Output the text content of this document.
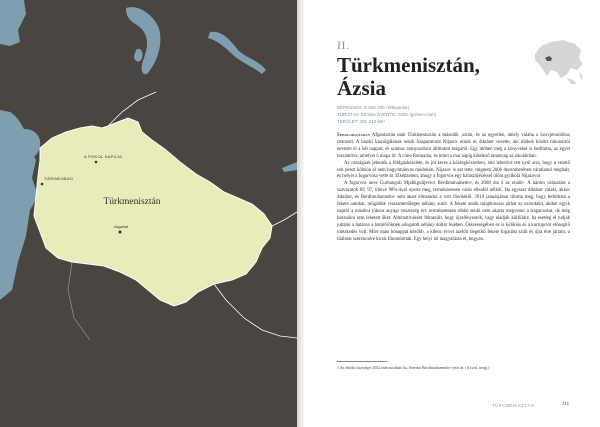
A POKOL KAPUJA
TÜRKMENBASI
Asgabat
Türkmenisztán
II.
Türkmenisztán,
Ázsia
NÉPESSÉG: 5 300 000 (Wikipedia)
TURISTÁK SZÁMA ÉVENTE: 7000 (gorlem.com)
TERÜLET: 491 210 km²

Seholországban Afganisztán után Türkmenisztán a második ‚sztán‚ és az egyetlen, amely valaha a Szovjetunióhoz tartozott. A bazári kiszolgálónak nekik Szaparmurat Nijazov elnök és diktátor vezette, aki többek között rokonairól nevezte el a hét napjait, és számos aranyszobrot állíttatott magáról. Egy időben még a könyveket is betiltotta, az egyet leszámítva, amelyet ő maga írt. A címe Ruhnama, és mind a mai napig kötelező tananyag az iskolákban.

Az országnak jelentős a földgázkészlete, és jól keres a közlegkörzetben, ami lehetővé tett nyúl arra, hogy a vezető sok pénzt költsön el nem hagyományos módokon. Nijazov is ezt tette, mígnem 2006 decemberében váratlanul meghalt, és helyét a fogorvosa vette át. Elképzelem, ahogy a fogorvos egy kalaszüjézéssel ülöm gyilkolá Nijazovot.

A fogorvos neve Gurbanguli Mjalikgulijevics Berdimuhamedov, és 2008 óta ő az elnök¹. A három választást a szavazatok 89, 97, illetve 98%-ával nyerte meg, természetesen valós ellenfél nélkül. Ha egyszer diktátor valaki, akkor diktátor, és Berdimuhamedov sem akart elmaradni a volt főnökétől. 2018 januárjában tiltotta meg, hogy befüllrtsa a fekete autókat, mögöttük visszamenőleges néhány autót. A fekete autók tulajdonosai járhat az ezrenként, akiket egyik napról a másikra jókora anyagi veszteség ért: természetesen többé senki nem akarta megvenni a tragacsokat, de még használni sem lehetett őket. Alternatívaként felmerült, hogy újrafényezték, vagy eladják külföldre, ha esetleg el tudják juttatni a határon a határőröknek adogatott néhány dollár fejében. Összességében ez is különös és a korrupciót elősegítő intézkedés volt. Mire mást hónappal később, a kilenc évvel azelőtt tiegelítő fekete fogadást szüli és újra érte jártam, a tilalmat szerencsére kicsit finomították. Egy helyi nő magyarázta el, hogyan.

1 Az elnöki tisztséget 2022 márciusában fia, Szerdar Berdimuhamedov vette át. (A ford. megj.)
TÜRKMENISZTÁN	111
